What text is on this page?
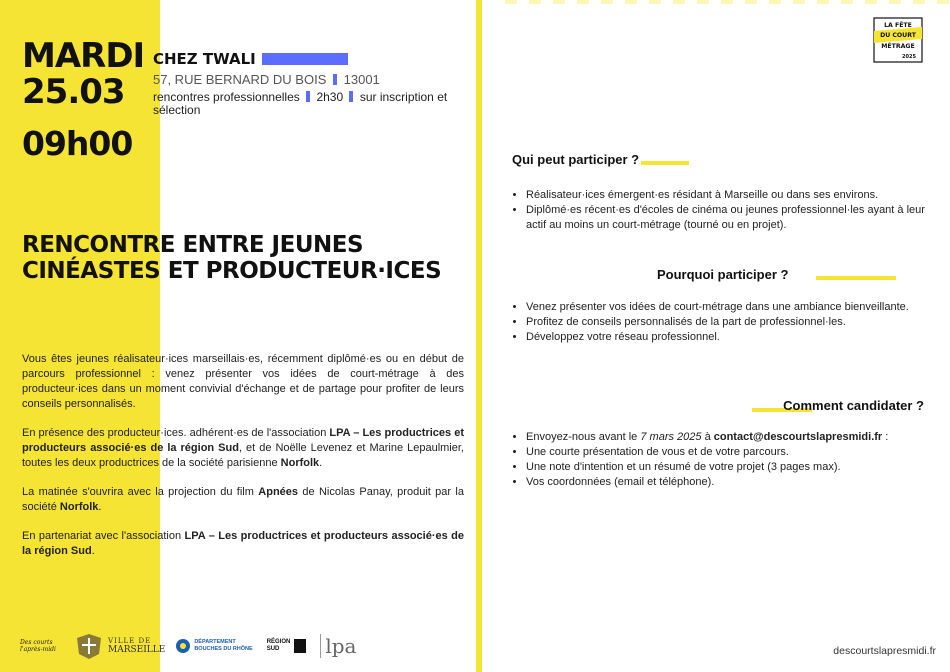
MARDI
25.03
09h00
CHEZ TWALI
57, RUE BERNARD DU BOIS 13001
rencontres professionnelles 2h30 sur inscription et sélection
RENCONTRE ENTRE JEUNES
CINÉASTES ET PRODUCTEUR·ICES

Vous êtes jeunes réalisateur·ices marseillais·es, récemment diplômé·es ou en début de parcours professionnel : venez présenter vos idées de court-métrage à des producteur·ices dans un moment convivial d'échange et de partage pour profiter de leurs conseils personnalisés.

En présence des producteur·ices. adhérent·es de l'association LPA – Les productrices et producteurs associé·es de la région Sud, et de Noëlle Levenez et Marine Lepaulmier, toutes les deux productrices de la société parisienne Norfolk.

La matinée s'ouvrira avec la projection du film Apnées de Nicolas Panay, produit par la société Norfolk.

En partenariat avec l'association LPA – Les productrices et producteurs associé·es de la région Sud.

LA FÊTE
DU COURT
MÉTRAGE
2025
Qui peut participer ?
• Réalisateur·ices émergent·es résidant à Marseille ou dans ses environs.
• Diplômé·es récent·es d'écoles de cinéma ou jeunes professionnel·les ayant à leur actif au moins un court-métrage (tourné ou en projet).
Pourquoi participer ?
• Venez présenter vos idées de court-métrage dans une ambiance bienveillante.
• Profitez de conseils personnalisés de la part de professionnel·les.
• Développez votre réseau professionnel.
Comment candidater ?
• Envoyez-nous avant le 7 mars 2025 à contact@descourtslapresmidi.fr :
• Une courte présentation de vous et de votre parcours.
• Une note d'intention et un résumé de votre projet (3 pages max).
• Vos coordonnées (email et téléphone).
Des courts l'après-midi
VILLE DE
MARSEILLE
DÉPARTEMENT
BOUCHES DU RHÔNE
RÉGION
SUD	lpa	descourtslapresmidi.fr
